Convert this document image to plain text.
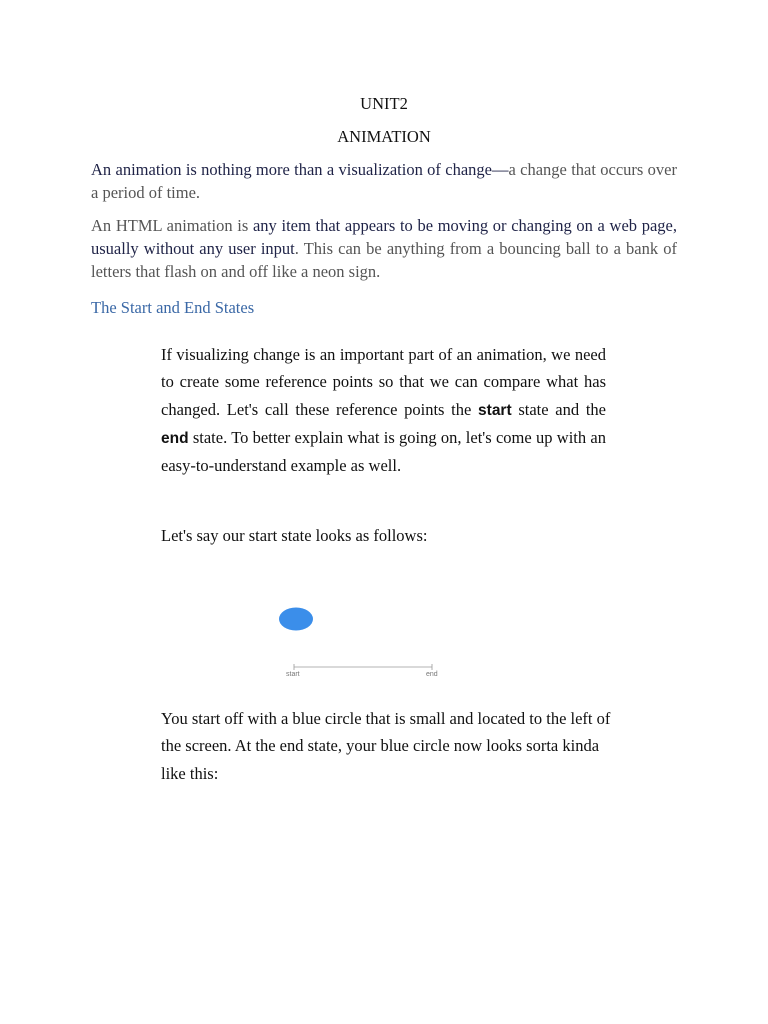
UNIT2
ANIMATION
An animation is nothing more than a visualization of change—a change that occurs over a period of time.
An HTML animation is any item that appears to be moving or changing on a web page, usually without any user input. This can be anything from a bouncing ball to a bank of letters that flash on and off like a neon sign.
The Start and End States
If visualizing change is an important part of an animation, we need to create some reference points so that we can compare what has changed. Let's call these reference points the start state and the end state. To better explain what is going on, let's come up with an easy-to-understand example as well.
Let's say our start state looks as follows:
start	end
You start off with a blue circle that is small and located to the left of the screen. At the end state, your blue circle now looks sorta kinda like this:
